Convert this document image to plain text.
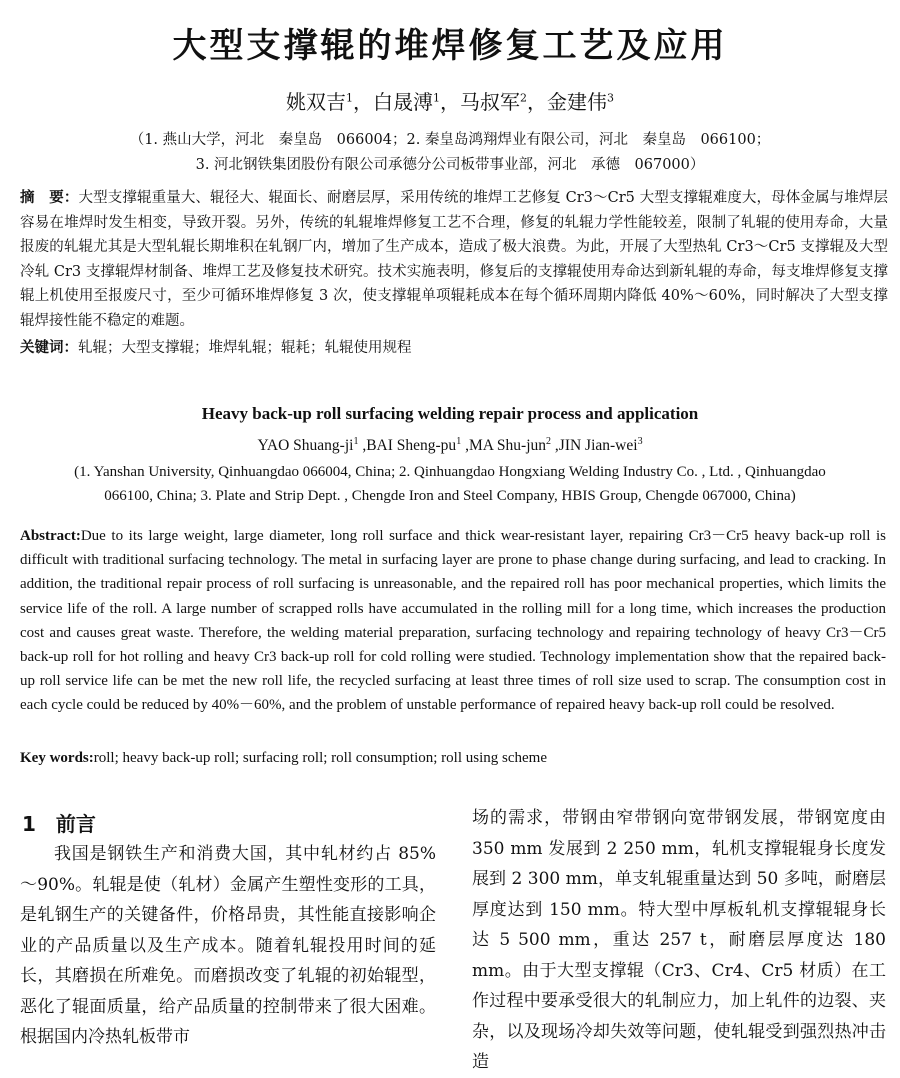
大型支撑辊的堆焊修复工艺及应用
姚双吉$^1$，白晟溥$^1$，马叔军$^2$，金建伟$^3$
（1. 燕山大学，河北　秦皇岛　066004；2. 秦皇岛鸿翔焊业有限公司，河北　秦皇岛　066100；
3. 河北钢铁集团股份有限公司承德分公司板带事业部，河北　承德　067000）
摘　要：大型支撑辊重量大、辊径大、辊面长、耐磨层厚，采用传统的堆焊工艺修复 Cr3～Cr5 大型支撑辊难度大，母体金属与堆焊层容易在堆焊时发生相变，导致开裂。另外，传统的轧辊堆焊修复工艺不合理，修复的轧辊力学性能较差，限制了轧辊的使用寿命，大量报废的轧辊尤其是大型轧辊长期堆积在轧钢厂内，增加了生产成本，造成了极大浪费。为此，开展了大型热轧 Cr3～Cr5 支撑辊及大型冷轧 Cr3 支撑辊焊材制备、堆焊工艺及修复技术研究。技术实施表明，修复后的支撑辊使用寿命达到新轧辊的寿命，每支堆焊修复支撑辊上机使用至报废尺寸，至少可循环堆焊修复 3 次，使支撑辊单项辊耗成本在每个循环周期内降低 40%～60%，同时解决了大型支撑辊焊接性能不稳定的难题。
关键词：轧辊；大型支撑辊；堆焊轧辊；辊耗；轧辊使用规程
Heavy back-up roll surfacing welding repair process and application
YAO Shuang-$ji^1$ ,BAI Sheng-$pu^1$ ,MA Shu-jun$^2$ ,JIN Jian-wei$^3$
(1. Yanshan University, Qinhuangdao 066004, China; 2. Qinhuangdao Hongxiang Welding Industry Co. , Ltd. , Qinhuangdao
066100, China; 3. Plate and Strip Dept. , Chengde Iron and Steel Company, HBIS Group, Chengde 067000, China)
Abstract:Due to its large weight, large diameter, long roll surface and thick wear-resistant layer, repairing Cr3－Cr5 heavy back-up roll is difficult with traditional surfacing technology. The metal in surfacing layer are prone to phase change during surfacing, and lead to cracking. In addition, the traditional repair process of roll surfacing is unreasonable, and the repaired roll has poor mechanical properties, which limits the service life of the roll. A large number of scrapped rolls have accumulated in the rolling mill for a long time, which increases the production cost and causes great waste. Therefore, the welding material preparation, surfacing technology and repairing technology of heavy Cr3－Cr5 back-up roll for hot rolling and heavy Cr3 back-up roll for cold rolling were studied. Technology implementation show that the repaired back-up roll service life can be met the new roll life, the recycled surfacing at least three times of roll size used to scrap. The consumption cost in each cycle could be reduced by 40%－60%, and the problem of unstable performance of repaired heavy back-up roll could be resolved.
Key words:roll; heavy back-up roll; surfacing roll; roll consumption; roll using scheme
1　前言
我国是钢铁生产和消费大国，其中轧材约占 85%～90%。轧辊是使（轧材）金属产生塑性变形的工具，是轧钢生产的关键备件，价格昂贵，其性能直接影响企业的产品质量以及生产成本。随着轧辊投用时间的延长，其磨损在所难免。而磨损改变了轧辊的初始辊型，恶化了辊面质量，给产品质量的控制带来了很大困难。根据国内冷热轧板带市
场的需求，带钢由窄带钢向宽带钢发展，带钢宽度由 350 mm 发展到 2 250 mm，轧机支撑辊辊身长度发展到 2 300 mm，单支轧辊重量达到 50 多吨，耐磨层厚度达到 150 mm。特大型中厚板轧机支撑辊辊身长达 5 500 mm，重达 257 t，耐磨层厚度达 180 mm。由于大型支撑辊（Cr3、Cr4、Cr5 材质）在工作过程中要承受很大的轧制应力，加上轧件的边裂、夹杂，以及现场冷却失效等问题，使轧辊受到强烈热冲击造
